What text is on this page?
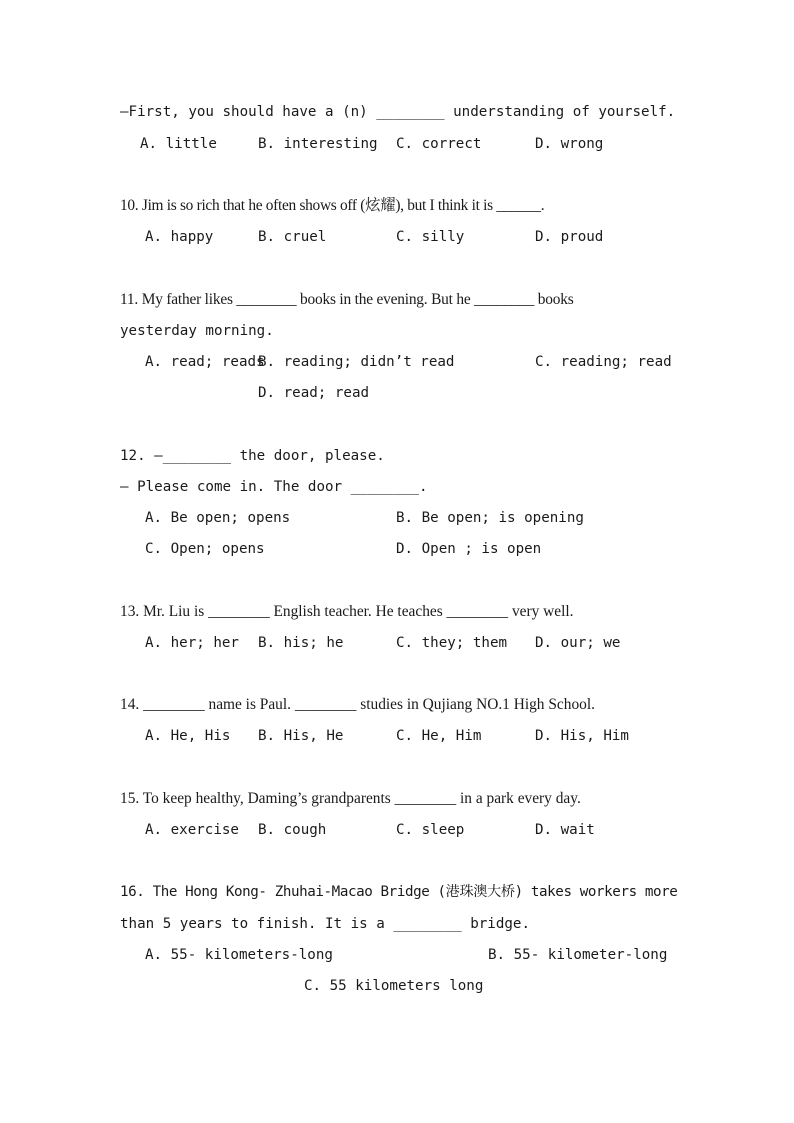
—First, you should have a (n) ________ understanding of yourself.
A. little	B. interesting C. correct	D. wrong
10. Jim is so rich that he often shows off (炫耀), but I think it is ______.
A. happy	B. cruel	C. silly	D. proud
11. My father likes ________ books in the evening. But he ________ books
yesterday morning.
A. read; reads
B. reading; didn’t read	C. reading; read
D. read; read
12. —________ the door, please.
— Please come in. The door ________.
A. Be open; opens	B. Be open; is opening
C. Open; opens	D. Open ; is open
13. Mr. Liu is ________ English teacher. He teaches ________ very well.
A. her; her B. his; he	C. they; them D. our; we
14. ________ name is Paul. ________ studies in Qujiang NO.1 High School.
A. He, His B. His, He	C. He, Him	D. His, Him
15. To keep healthy, Daming’s grandparents ________ in a park every day.
A. exercise B. cough	C. sleep	D. wait
16. The Hong Kong- Zhuhai-Macao Bridge (港珠澳大桥) takes workers more
than 5 years to finish. It is a ________ bridge.
A. 55- kilometers-long	B. 55- kilometer-long
C. 55 kilometers long
